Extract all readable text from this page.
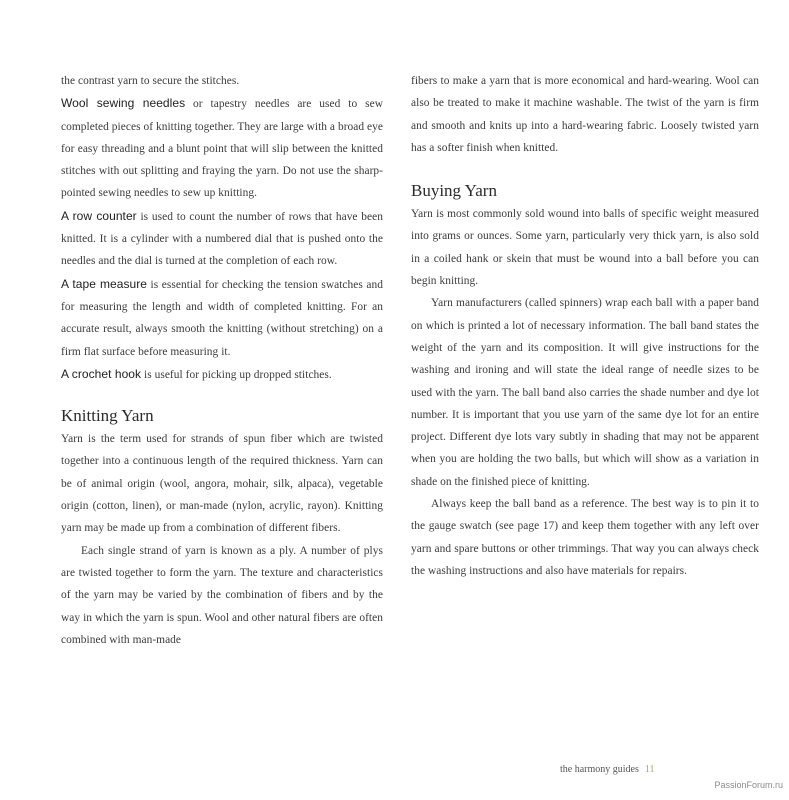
the contrast yarn to secure the stitches.

Wool sewing needles or tapestry needles are used to sew completed pieces of knitting together. They are large with a broad eye for easy threading and a blunt point that will slip between the knitted stitches with out splitting and fraying the yarn. Do not use the sharp-pointed sewing needles to sew up knitting.

A row counter is used to count the number of rows that have been knitted. It is a cylinder with a numbered dial that is pushed onto the needles and the dial is turned at the completion of each row.

A tape measure is essential for checking the tension swatches and for measuring the length and width of completed knitting. For an accurate result, always smooth the knitting (without stretching) on a firm flat surface before measuring it.

A crochet hook is useful for picking up dropped stitches.

Knitting Yarn

Yarn is the term used for strands of spun fiber which are twisted together into a continuous length of the required thickness. Yarn can be of animal origin (wool, angora, mohair, silk, alpaca), vegetable origin (cotton, linen), or man-made (nylon, acrylic, rayon). Knitting yarn may be made up from a combination of different fibers.

Each single strand of yarn is known as a ply. A number of plys are twisted together to form the yarn. The texture and characteristics of the yarn may be varied by the combination of fibers and by the way in which the yarn is spun. Wool and other natural fibers are often combined with man-made

fibers to make a yarn that is more economical and hard-wearing. Wool can also be treated to make it machine washable. The twist of the yarn is firm and smooth and knits up into a hard-wearing fabric. Loosely twisted yarn has a softer finish when knitted.

Buying Yarn

Yarn is most commonly sold wound into balls of specific weight measured into grams or ounces. Some yarn, particularly very thick yarn, is also sold in a coiled hank or skein that must be wound into a ball before you can begin knitting.

Yarn manufacturers (called spinners) wrap each ball with a paper band on which is printed a lot of necessary information. The ball band states the weight of the yarn and its composition. It will give instructions for the washing and ironing and will state the ideal range of needle sizes to be used with the yarn. The ball band also carries the shade number and dye lot number. It is important that you use yarn of the same dye lot for an entire project. Different dye lots vary subtly in shading that may not be apparent when you are holding the two balls, but which will show as a variation in shade on the finished piece of knitting.

Always keep the ball band as a reference. The best way is to pin it to the gauge swatch (see page 17) and keep them together with any left over yarn and spare buttons or other trimmings. That way you can always check the washing instructions and also have materials for repairs.

the harmony guides 11
PassionForum.ru
